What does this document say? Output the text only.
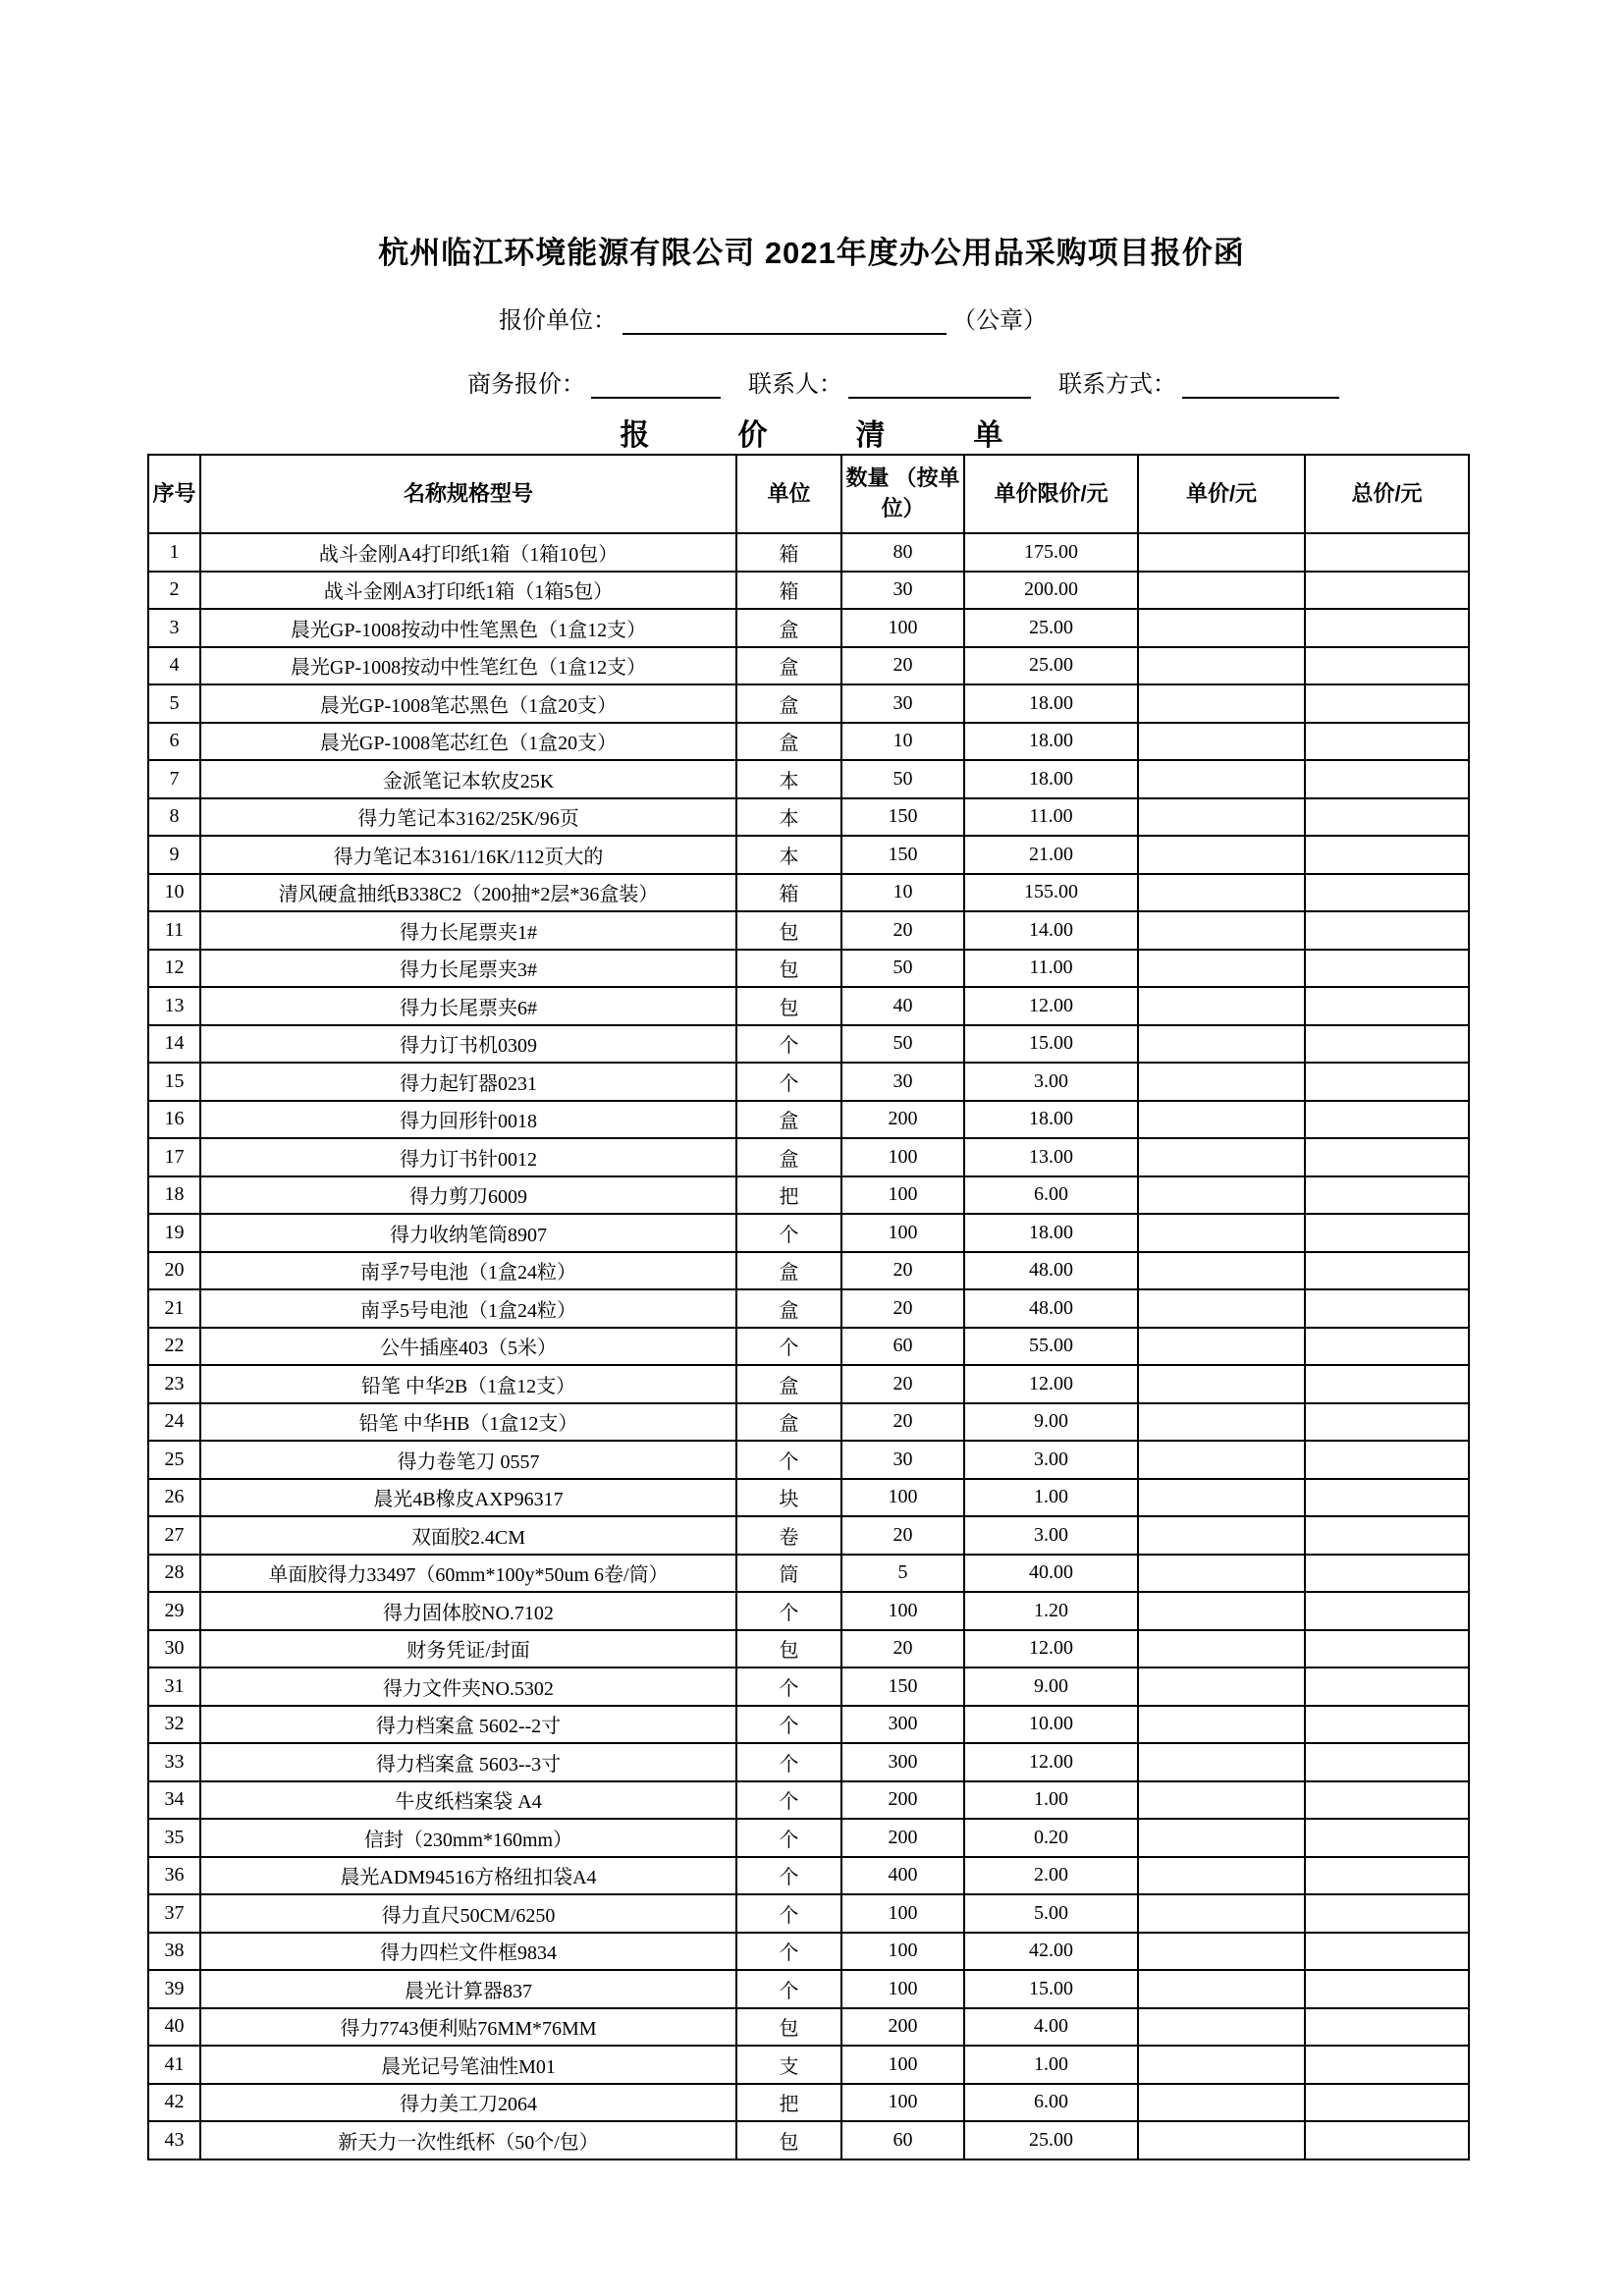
杭州临江环境能源有限公司 2021年度办公用品采购项目报价函
报价单位：	（公章）
商务报价：	联系人：	联系方式：
报　　　价　　　清　　　单
序号	名称规格型号	单位	数量 （按单位）	单价限价/元	单价/元	总价/元
1	战斗金刚A4打印纸1箱（1箱10包）	箱	80	175.00		
2	战斗金刚A3打印纸1箱（1箱5包）	箱	30	200.00		
3	晨光GP-1008按动中性笔黑色（1盒12支）	盒	100	25.00		
4	晨光GP-1008按动中性笔红色（1盒12支）	盒	20	25.00		
5	晨光GP-1008笔芯黑色（1盒20支）	盒	30	18.00		
6	晨光GP-1008笔芯红色（1盒20支）	盒	10	18.00		
7	金派笔记本软皮25K	本	50	18.00		
8	得力笔记本3162/25K/96页	本	150	11.00		
9	得力笔记本3161/16K/112页大的	本	150	21.00		
10	清风硬盒抽纸B338C2（200抽*2层*36盒装）	箱	10	155.00		
11	得力长尾票夹1#	包	20	14.00		
12	得力长尾票夹3#	包	50	11.00		
13	得力长尾票夹6#	包	40	12.00		
14	得力订书机0309	个	50	15.00		
15	得力起钉器0231	个	30	3.00		
16	得力回形针0018	盒	200	18.00		
17	得力订书针0012	盒	100	13.00		
18	得力剪刀6009	把	100	6.00		
19	得力收纳笔筒8907	个	100	18.00		
20	南孚7号电池（1盒24粒）	盒	20	48.00		
21	南孚5号电池（1盒24粒）	盒	20	48.00		
22	公牛插座403（5米）	个	60	55.00		
23	铅笔 中华2B（1盒12支）	盒	20	12.00		
24	铅笔 中华HB（1盒12支）	盒	20	9.00		
25	得力卷笔刀 0557	个	30	3.00		
26	晨光4B橡皮AXP96317	块	100	1.00		
27	双面胶2.4CM	卷	20	3.00		
28	单面胶得力33497（60mm*100y*50um 6卷/筒）	筒	5	40.00		
29	得力固体胶NO.7102	个	100	1.20		
30	财务凭证/封面	包	20	12.00		
31	得力文件夹NO.5302	个	150	9.00		
32	得力档案盒 5602--2寸	个	300	10.00		
33	得力档案盒 5603--3寸	个	300	12.00		
34	牛皮纸档案袋 A4	个	200	1.00		
35	信封（230mm*160mm）	个	200	0.20		
36	晨光ADM94516方格纽扣袋A4	个	400	2.00		
37	得力直尺50CM/6250	个	100	5.00		
38	得力四栏文件框9834	个	100	42.00		
39	晨光计算器837	个	100	15.00		
40	得力7743便利贴76MM*76MM	包	200	4.00		
41	晨光记号笔油性M01	支	100	1.00		
42	得力美工刀2064	把	100	6.00		
43	新天力一次性纸杯（50个/包）	包	60	25.00		
